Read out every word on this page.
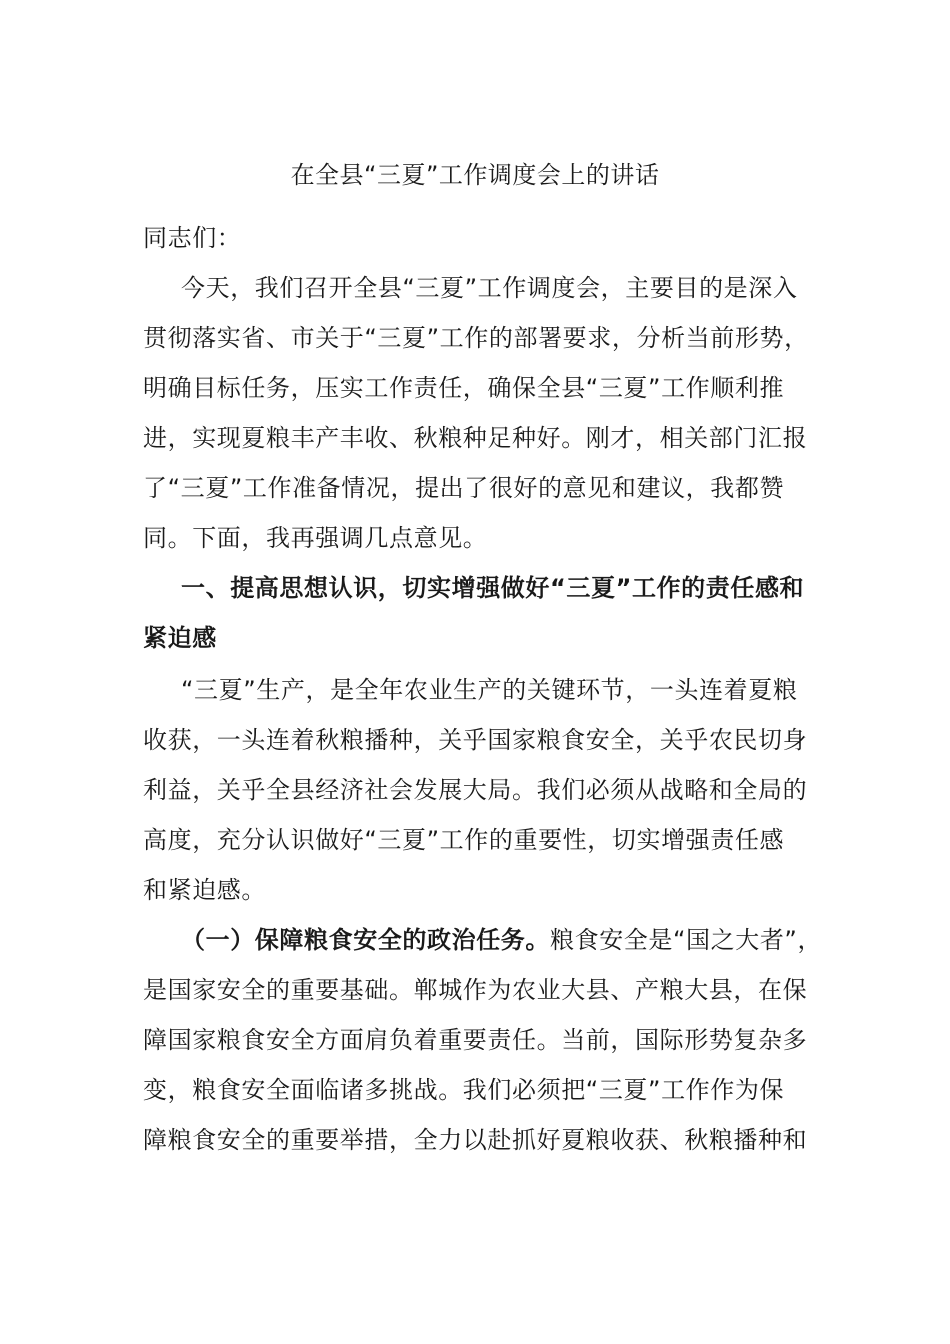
在全县“三夏”工作调度会上的讲话
同志们：
今天，我们召开全县“三夏”工作调度会，主要目的是深入
贯彻落实省、市关于“三夏”工作的部署要求，分析当前形势，
明确目标任务，压实工作责任，确保全县“三夏”工作顺利推
进，实现夏粮丰产丰收、秋粮种足种好。刚才，相关部门汇报
了“三夏”工作准备情况，提出了很好的意见和建议，我都赞
同。下面，我再强调几点意见。
一、提高思想认识，切实增强做好“三夏”工作的责任感和
紧迫感
“三夏”生产，是全年农业生产的关键环节，一头连着夏粮
收获，一头连着秋粮播种，关乎国家粮食安全，关乎农民切身
利益，关乎全县经济社会发展大局。我们必须从战略和全局的
高度，充分认识做好“三夏”工作的重要性，切实增强责任感
和紧迫感。
（一）保障粮食安全的政治任务。粮食安全是“国之大者”，
是国家安全的重要基础。郸城作为农业大县、产粮大县，在保
障国家粮食安全方面肩负着重要责任。当前，国际形势复杂多
变，粮食安全面临诸多挑战。我们必须把“三夏”工作作为保
障粮食安全的重要举措，全力以赴抓好夏粮收获、秋粮播种和
